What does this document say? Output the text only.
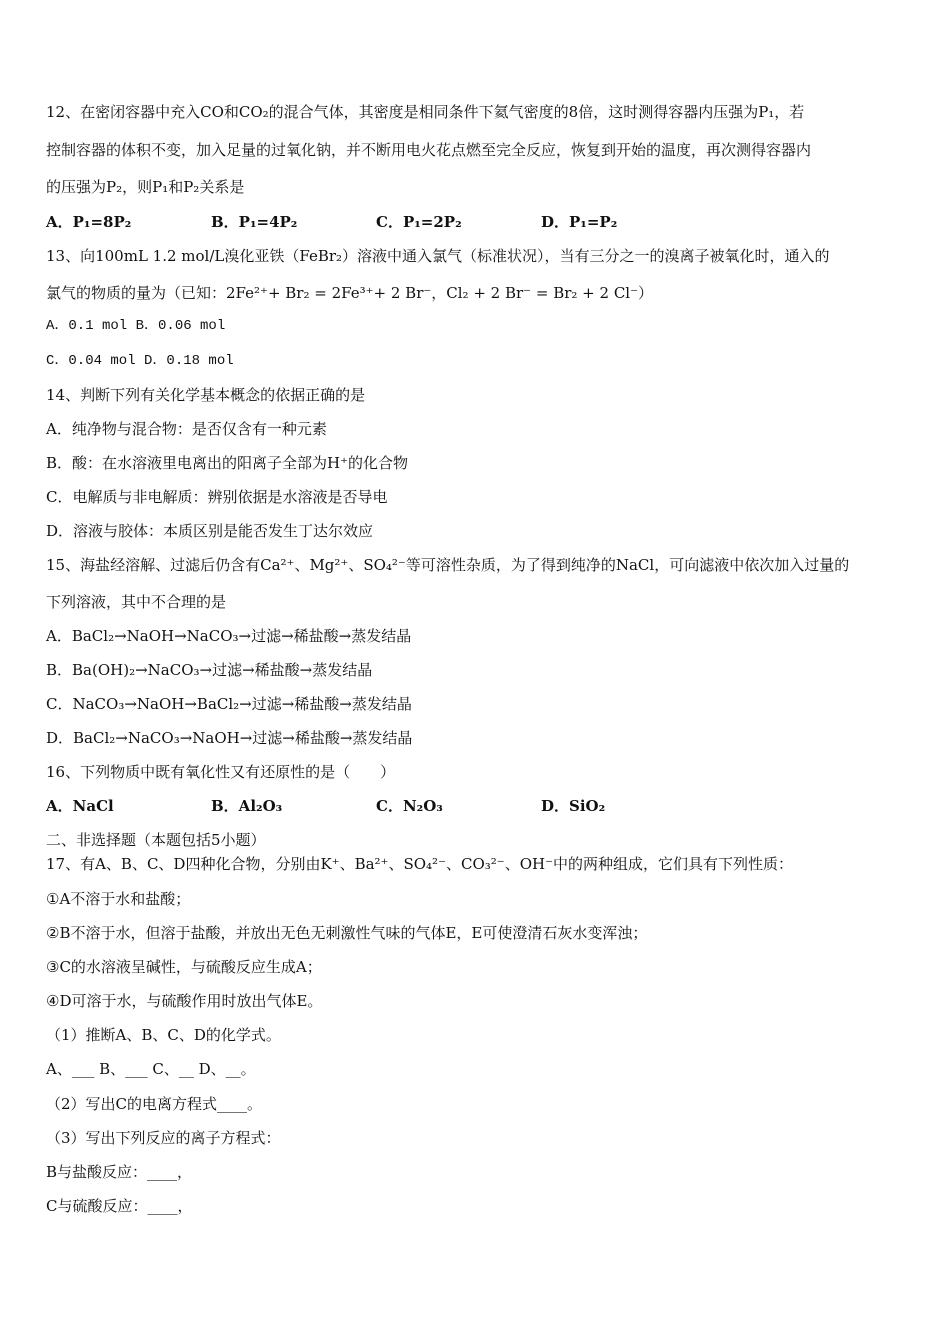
12、在密闭容器中充入CO和CO₂的混合气体，其密度是相同条件下氦气密度的8倍，这时测得容器内压强为P₁，若
控制容器的体积不变，加入足量的过氧化钠，并不断用电火花点燃至完全反应，恢复到开始的温度，再次测得容器内
的压强为P₂，则P₁和P₂关系是
A．P₁=8P₂	B．P₁=4P₂	C．P₁=2P₂	D．P₁=P₂
13、向100mL 1.2 mol/L溴化亚铁（FeBr₂）溶液中通入氯气（标准状况），当有三分之一的溴离子被氧化时，通入的
氯气的物质的量为（已知：2Fe²⁺+ Br₂ = 2Fe³⁺+ 2 Br⁻，Cl₂ + 2 Br⁻ = Br₂ + 2 Cl⁻）
A．0.1 mol B．0.06 mol
C．0.04 mol D．0.18 mol
14、判断下列有关化学基本概念的依据正确的是
A．纯净物与混合物：是否仅含有一种元素
B．酸：在水溶液里电离出的阳离子全部为H⁺的化合物
C．电解质与非电解质：辨别依据是水溶液是否导电
D．溶液与胶体：本质区别是能否发生丁达尔效应
15、海盐经溶解、过滤后仍含有Ca²⁺、Mg²⁺、SO₄²⁻等可溶性杂质，为了得到纯净的NaCl，可向滤液中依次加入过量的
下列溶液，其中不合理的是
A．BaCl₂→NaOH→NaCO₃→过滤→稀盐酸→蒸发结晶
B．Ba(OH)₂→NaCO₃→过滤→稀盐酸→蒸发结晶
C．NaCO₃→NaOH→BaCl₂→过滤→稀盐酸→蒸发结晶
D．BaCl₂→NaCO₃→NaOH→过滤→稀盐酸→蒸发结晶
16、下列物质中既有氧化性又有还原性的是（　　）
A．NaCl	B．Al₂O₃	C．N₂O₃	D．SiO₂
二、非选择题（本题包括5小题）
17、有A、B、C、D四种化合物，分别由K⁺、Ba²⁺、SO₄²⁻、CO₃²⁻、OH⁻中的两种组成，它们具有下列性质：
①A不溶于水和盐酸；
②B不溶于水，但溶于盐酸，并放出无色无刺激性气味的气体E，E可使澄清石灰水变浑浊；
③C的水溶液呈碱性，与硫酸反应生成A；
④D可溶于水，与硫酸作用时放出气体E。
（1）推断A、B、C、D的化学式。
A、___ B、___ C、__ D、__。
（2）写出C的电离方程式____。
（3）写出下列反应的离子方程式：
B与盐酸反应：____，
C与硫酸反应：____，
